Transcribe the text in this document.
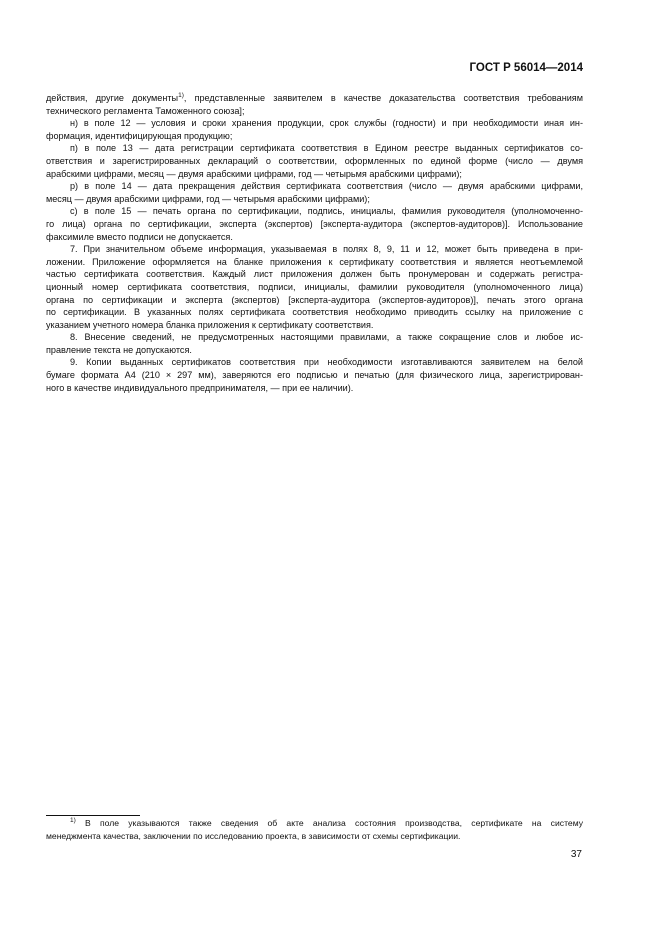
ГОСТ Р 56014—2014
действия, другие документы$^{1)}$, представленные заявителем в качестве доказательства соответствия требованиям
технического регламента Таможенного союза];
н) в поле 12 — условия и сроки хранения продукции, срок службы (годности) и при необходимости иная ин-
формация, идентифицирующая продукцию;
п) в поле 13 — дата регистрации сертификата соответствия в Едином реестре выданных сертификатов со-
ответствия и зарегистрированных деклараций о соответствии, оформленных по единой форме (число — двумя
арабскими цифрами, месяц — двумя арабскими цифрами, год — четырьмя арабскими цифрами);
р) в поле 14 — дата прекращения действия сертификата соответствия (число — двумя арабскими цифрами,
месяц — двумя арабскими цифрами, год — четырьмя арабскими цифрами);
с) в поле 15 — печать органа по сертификации, подпись, инициалы, фамилия руководителя (уполномоченно-
го лица) органа по сертификации, эксперта (экспертов) [эксперта-аудитора (экспертов-аудиторов)]. Использование
факсимиле вместо подписи не допускается.
7. При значительном объеме информация, указываемая в полях 8, 9, 11 и 12, может быть приведена в при-
ложении. Приложение оформляется на бланке приложения к сертификату соответствия и является неотъемлемой
частью сертификата соответствия. Каждый лист приложения должен быть пронумерован и содержать регистра-
ционный номер сертификата соответствия, подписи, инициалы, фамилии руководителя (уполномоченного лица)
органа по сертификации и эксперта (экспертов) [эксперта-аудитора (экспертов-аудиторов)], печать этого органа
по сертификации. В указанных полях сертификата соответствия необходимо приводить ссылку на приложение с
указанием учетного номера бланка приложения к сертификату соответствия.
8. Внесение сведений, не предусмотренных настоящими правилами, а также сокращение слов и любое ис-
правление текста не допускаются.
9. Копии выданных сертификатов соответствия при необходимости изготавливаются заявителем на белой
бумаге формата А4 (210 × 297 мм), заверяются его подписью и печатью (для физического лица, зарегистрирован-
ного в качестве индивидуального предпринимателя, — при ее наличии).
$^{1)}$ В поле указываются также сведения об акте анализа состояния производства, сертификате на систему
менеджмента качества, заключении по исследованию проекта, в зависимости от схемы сертификации.
37
